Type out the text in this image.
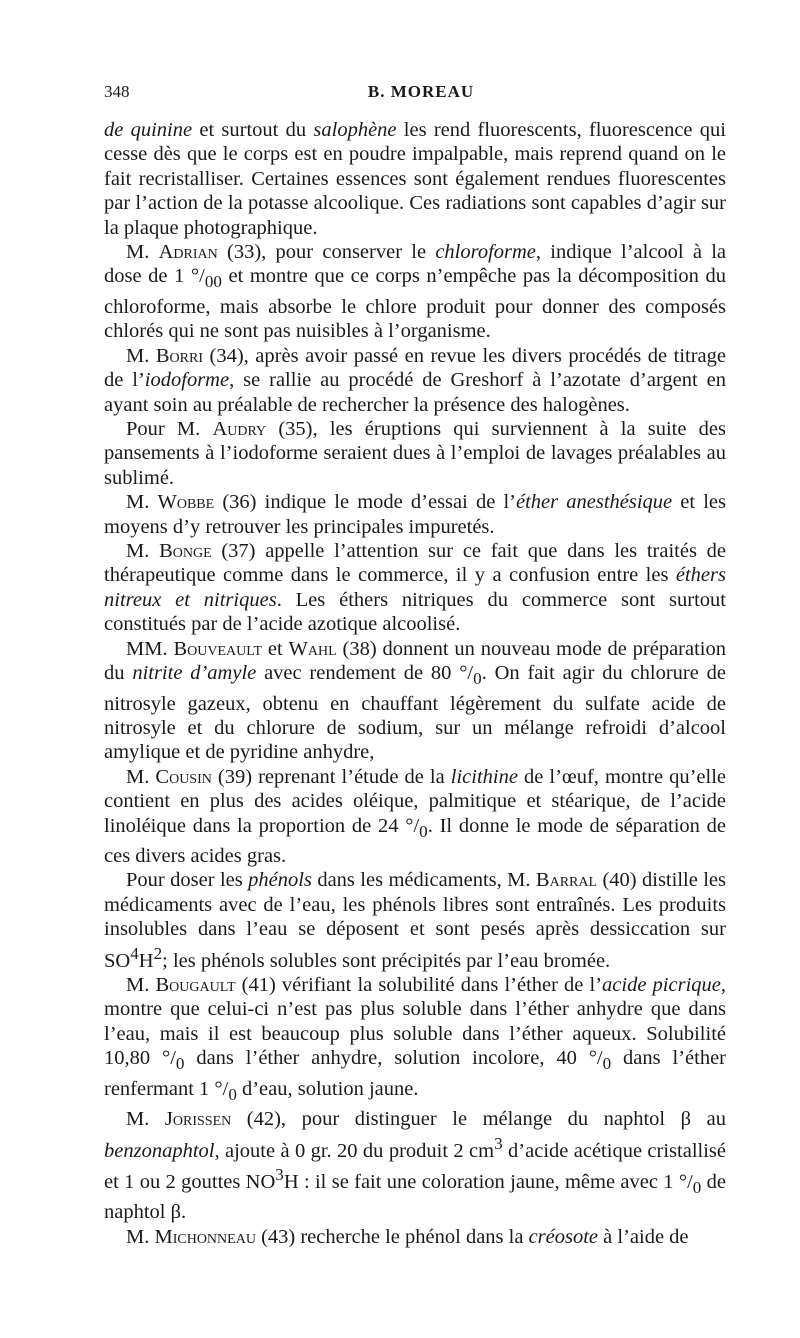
348	B. MOREAU

de quinine et surtout du salophène les rend fluorescents, fluorescence qui cesse dès que le corps est en poudre impalpable, mais reprend quand on le fait recristalliser. Certaines essences sont également rendues fluorescentes par l’action de la potasse alcoolique. Ces radiations sont capables d’agir sur la plaque photographique.

M. Adrian (33), pour conserver le chloroforme, indique l’alcool à la dose de 1 $^\circ/_{00}$ et montre que ce corps n’empêche pas la décomposition du chloroforme, mais absorbe le chlore produit pour donner des composés chlorés qui ne sont pas nuisibles à l’organisme.

M. Borri (34), après avoir passé en revue les divers procédés de titrage de l’iodoforme, se rallie au procédé de Greshorf à l’azotate d’argent en ayant soin au préalable de rechercher la présence des halogènes.

Pour M. Audry (35), les éruptions qui surviennent à la suite des pansements à l’iodoforme seraient dues à l’emploi de lavages préalables au sublimé.

M. Wobbe (36) indique le mode d’essai de l’éther anesthésique et les moyens d’y retrouver les principales impuretés.

M. Bonge (37) appelle l’attention sur ce fait que dans les traités de thérapeutique comme dans le commerce, il y a confusion entre les éthers nitreux et nitriques. Les éthers nitriques du commerce sont surtout constitués par de l’acide azotique alcoolisé.

MM. Bouveault et Wahl (38) donnent un nouveau mode de préparation du nitrite d’amyle avec rendement de 80 $^\circ/_0$. On fait agir du chlorure de nitrosyle gazeux, obtenu en chauffant légèrement du sulfate acide de nitrosyle et du chlorure de sodium, sur un mélange refroidi d’alcool amylique et de pyridine anhydre,

M. Cousin (39) reprenant l’étude de la licithine de l’œuf, montre qu’elle contient en plus des acides oléique, palmitique et stéarique, de l’acide linoléique dans la proportion de 24 $^\circ/_0$. Il donne le mode de séparation de ces divers acides gras.

Pour doser les phénols dans les médicaments, M. Barral (40) distille les médicaments avec de l’eau, les phénols libres sont entraînés. Les produits insolubles dans l’eau se déposent et sont pesés après dessiccation sur $SO^4H^2$; les phénols solubles sont précipités par l’eau bromée.

M. Bougault (41) vérifiant la solubilité dans l’éther de l’acide picrique, montre que celui-ci n’est pas plus soluble dans l’éther anhydre que dans l’eau, mais il est beaucoup plus soluble dans l’éther aqueux. Solubilité 10,80 $^\circ/_0$ dans l’éther anhydre, solution incolore, 40 $^\circ/_0$ dans l’éther renfermant 1 $^\circ/_0$ d’eau, solution jaune.

M. Jorissen (42), pour distinguer le mélange du naphtol β au benzonaphtol, ajoute à 0 gr. 20 du produit 2 $cm^3$ d’acide acétique cristallisé et 1 ou 2 gouttes $NO^3H$ : il se fait une coloration jaune, même avec 1 $^\circ/_0$ de naphtol β.

M. Michonneau (43) recherche le phénol dans la créosote à l’aide de
